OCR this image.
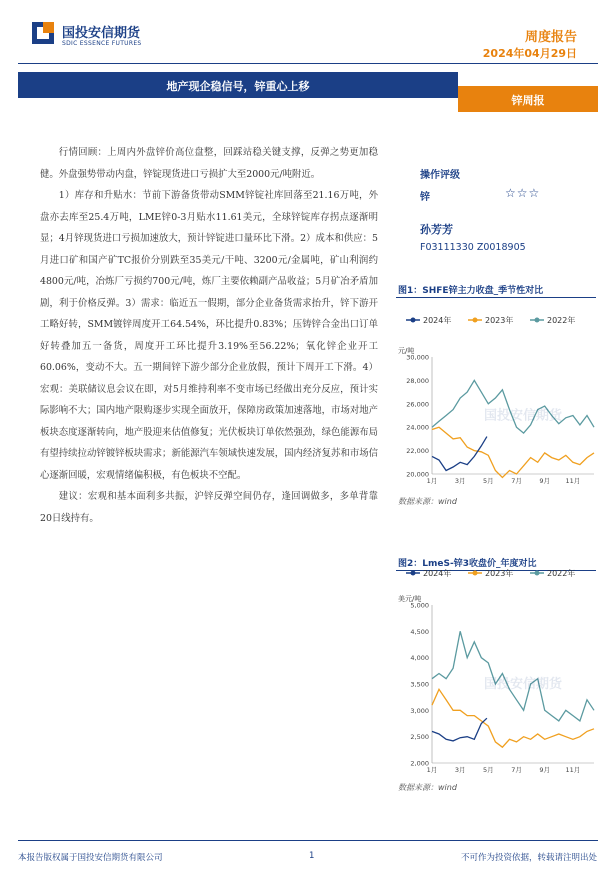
国投安信期货
SDIC ESSENCE FUTURES	周度报告
2024年04月29日
地产现企稳信号，锌重心上移
锌周报

行情回顾：上周内外盘锌价高位盘整，回踩站稳关键支撑，反弹之势更加稳健。外盘强势带动内盘，锌锭现货进口亏损扩大至2000元/吨附近。

1）库存和升贴水：节前下游备货带动SMM锌锭社库回落至21.16万吨，外盘亦去库至25.4万吨，LME锌0-3月贴水11.61美元，全球锌锭库存拐点逐渐明显；4月锌现货进口亏损加速放大，预计锌锭进口量环比下滑。2）成本和供应：5月进口矿和国产矿TC报价分别跌至35美元/干吨、3200元/金属吨，矿山利润约4800元/吨，冶炼厂亏损约700元/吨，炼厂主要依赖副产品收益；5月矿冶矛盾加剧，利于价格反弹。3）需求：临近五一假期，部分企业备货需求抬升，锌下游开工略好转，SMM镀锌周度开工64.54%，环比提升0.83%；压铸锌合金出口订单好转叠加五一备货，周度开工环比提升3.19%至56.22%；氧化锌企业开工60.06%，变动不大。五一期间锌下游少部分企业放假，预计下周开工下滑。4）宏观：美联储议息会议在即，对5月维持利率不变市场已经做出充分反应，预计实际影响不大；国内地产限购逐步实现全面放开，保障房政策加速落地，市场对地产板块态度逐渐转向，地产股迎来估值修复；光伏板块订单依然强劲，绿色能源布局有望持续拉动锌镀锌板块需求；新能源汽车领域快速发展，国内经济复苏和市场信心逐渐回暖，宏观情绪偏积极，有色板块不空配。

建议：宏观和基本面利多共振，沪锌反弹空间仍存，逢回调做多，多单背靠20日线持有。

操作评级
锌	☆☆☆
孙芳芳
F03111330 Z0018905
图1：SHFE锌主力收盘_季节性对比
2024年	2023年	2022年
元/吨
30,000
28,000
26,000
24,000
22,000
20,000
1月	3月	5月	7月	9月 11月
国投安信期货
数据来源：wind
图2：LmeS-锌3收盘价_年度对比
2024年	2023年	2022年
美元/吨
5,000
4,500
4,000
3,500
3,000
2,500
2,000
1月	3月	5月	7月	9月 11月
国投安信期货
数据来源：wind
本报告版权属于国投安信期货有限公司	1	不可作为投资依据，转载请注明出处
